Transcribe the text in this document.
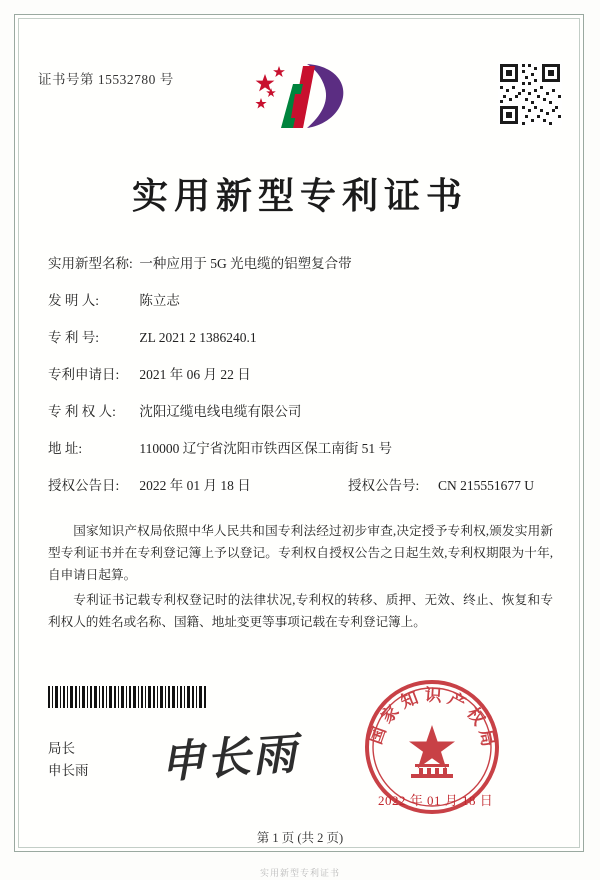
证书号第 15532780 号
实用新型专利证书
实用新型名称: 一种应用于 5G 光电缆的铝塑复合带
发 明 人:	陈立志
专 利 号:	ZL 2021 2 1386240.1
专利申请日: 2021 年 06 月 22 日
专 利 权 人: 沈阳辽缆电线电缆有限公司
地 址:	110000 辽宁省沈阳市铁西区保工南街 51 号
授权公告日: 2022 年 01 月 18 日	授权公告号: CN 215551677 U

国家知识产权局依照中华人民共和国专利法经过初步审查,决定授予专利权,颁发实用新型专利证书并在专利登记簿上予以登记。专利权自授权公告之日起生效,专利权期限为十年,自申请日起算。

专利证书记载专利权登记时的法律状况,专利权的转移、质押、无效、终止、恢复和专利权人的姓名或名称、国籍、地址变更等事项记载在专利登记簿上。

局长
申长雨 申长雨	国家知识产权局
2022 年 01 月 18 日
第 1 页 (共 2 页)
实用新型专利证书
